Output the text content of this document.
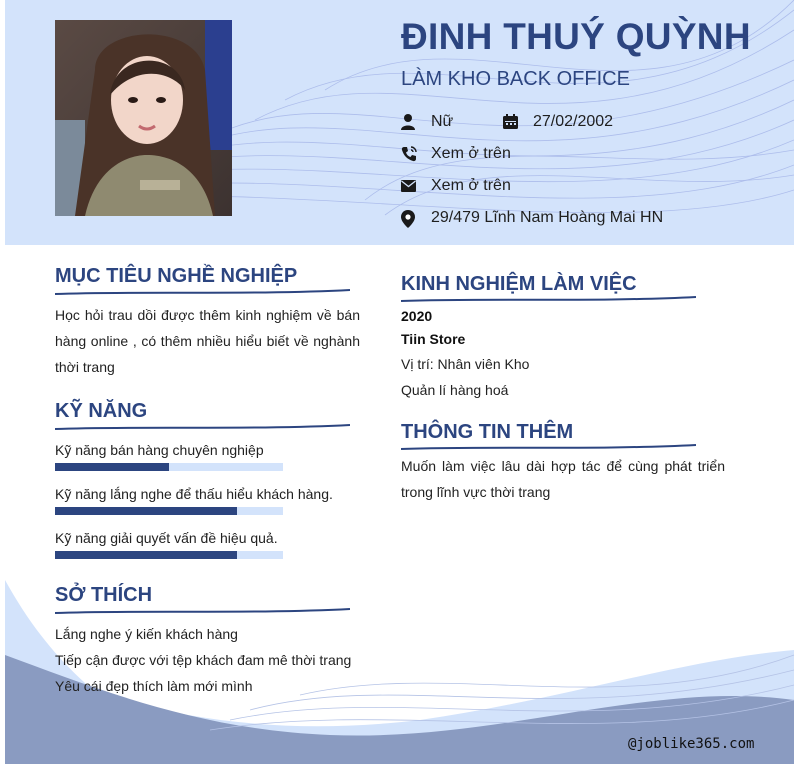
ĐINH THUÝ QUỲNH
LÀM KHO BACK OFFICE
Nữ	27/02/2002
Xem ở trên
Xem ở trên
29/479 Lĩnh Nam Hoàng Mai HN
MỤC TIÊU NGHỀ NGHIỆP
Học hỏi trau dồi được thêm kinh nghiệm về bán hàng online , có thêm nhiều hiểu biết về nghành thời trang
KỸ NĂNG
Kỹ năng bán hàng chuyên nghiệp
Kỹ năng lắng nghe để thấu hiểu khách hàng.
Kỹ năng giải quyết vấn đề hiệu quả.
SỞ THÍCH
Lắng nghe ý kiến khách hàng
Tiếp cận được với tệp khách đam mê thời trang
Yêu cái đẹp thích làm mới mình
KINH NGHIỆM LÀM VIỆC
2020
Tiin Store
Vị trí: Nhân viên Kho
Quản lí hàng hoá
THÔNG TIN THÊM
Muốn làm việc lâu dài hợp tác để cùng phát triển trong lĩnh vực thời trang
@joblike365.com
